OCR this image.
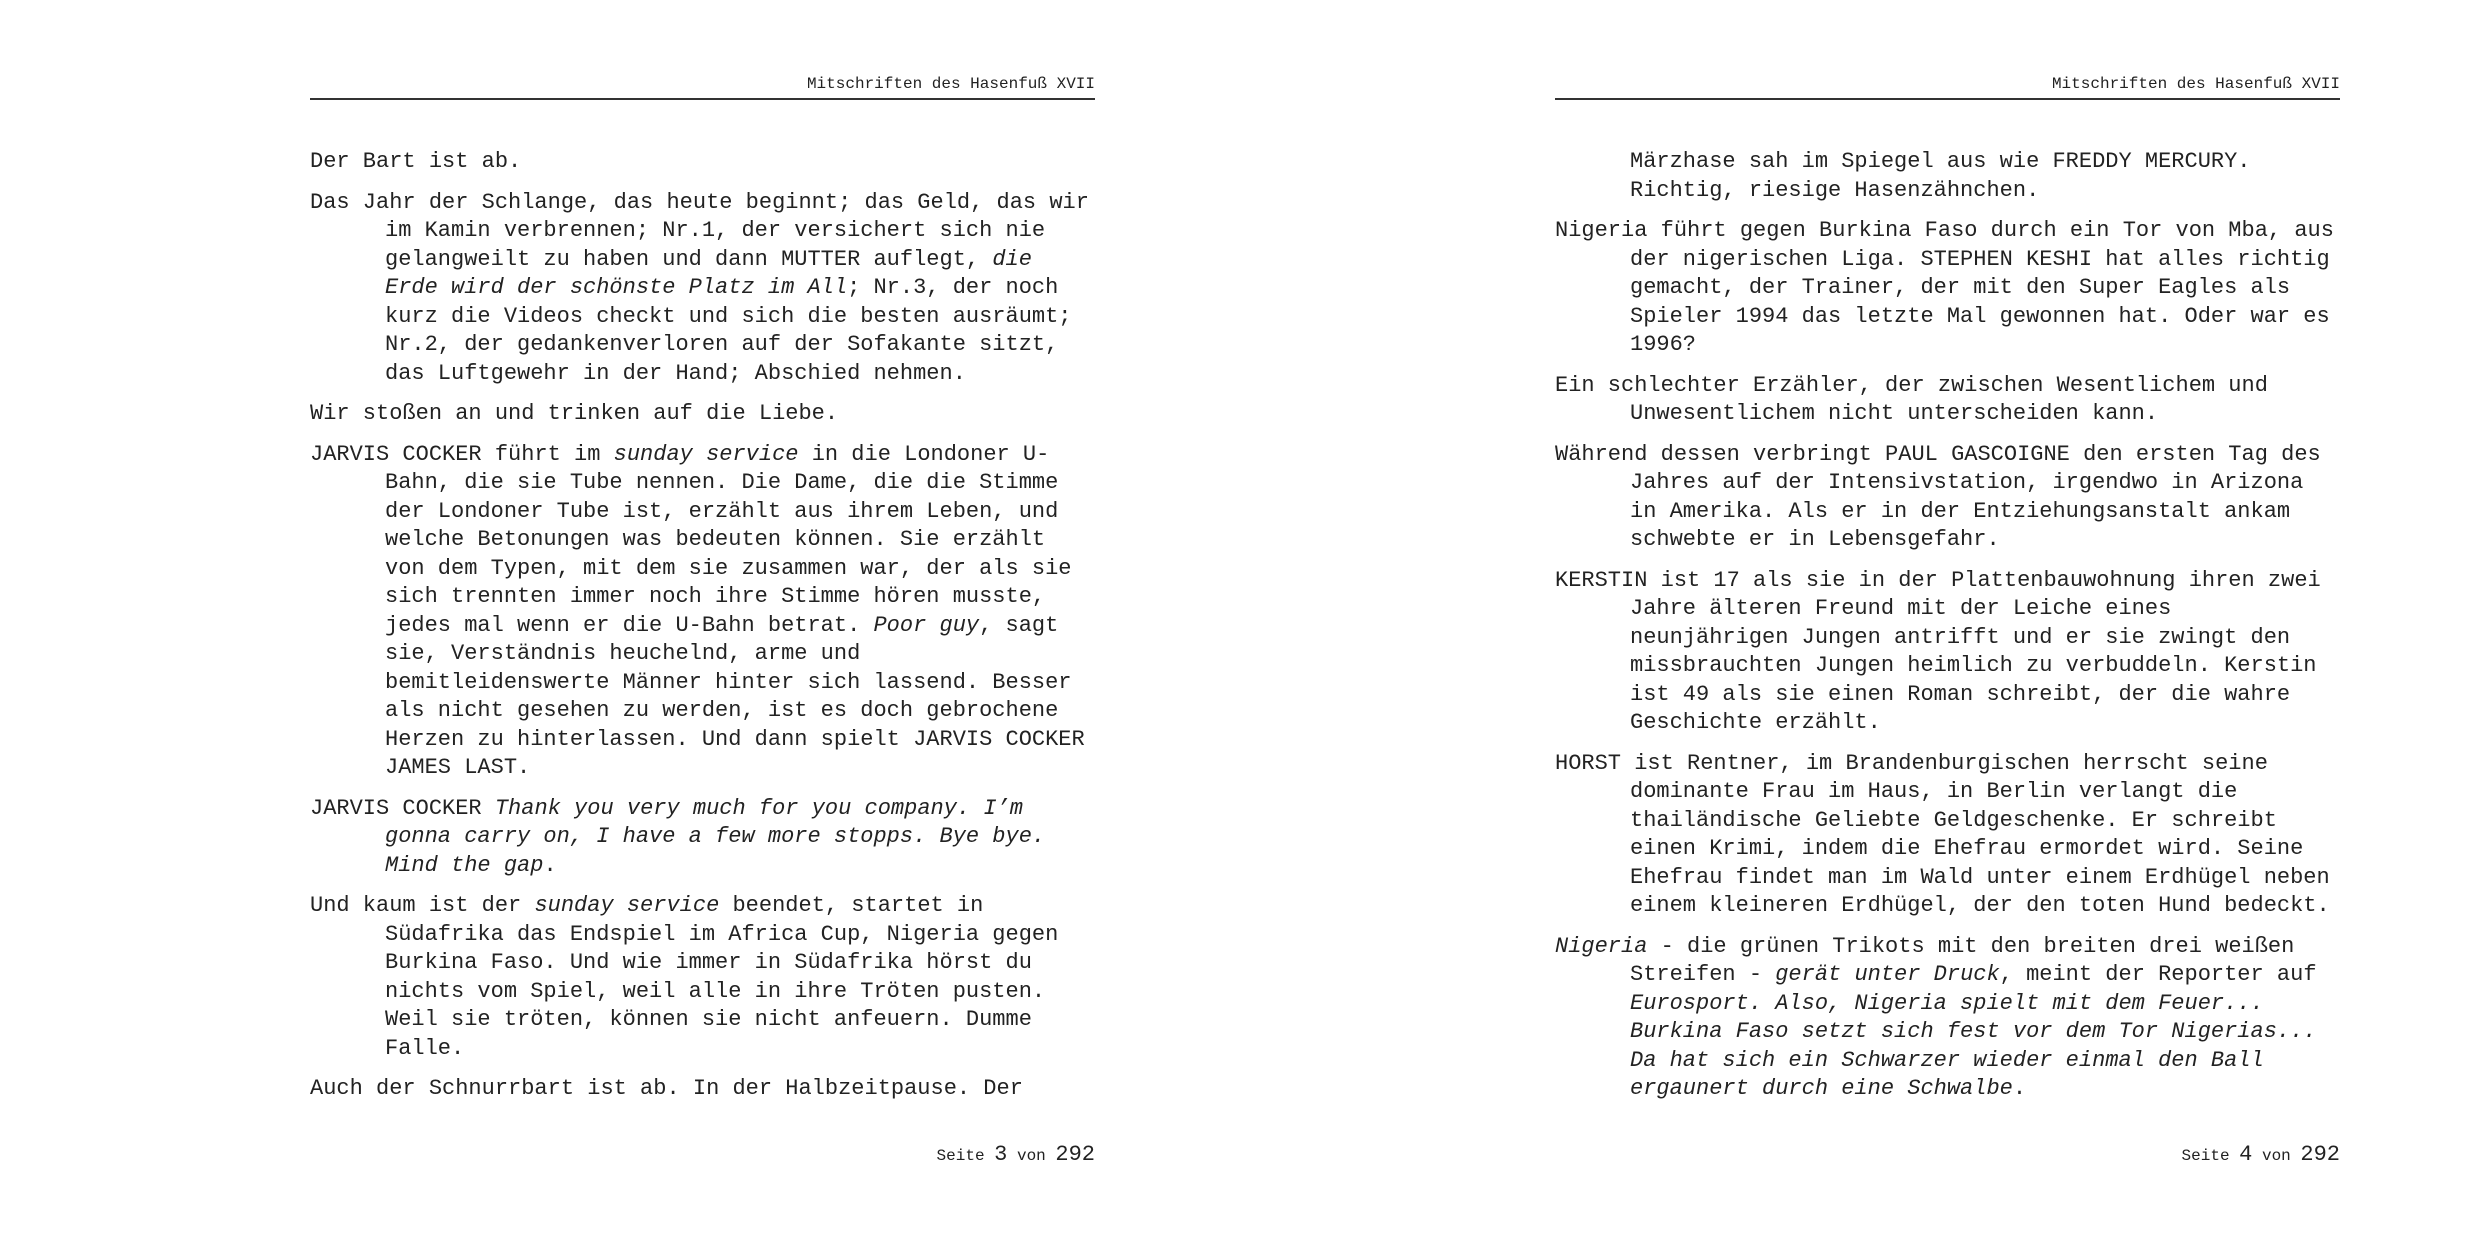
Mitschriften des Hasenfuß XVII

Der Bart ist ab.

Das Jahr der Schlange, das heute beginnt; das Geld, das wir im Kamin verbrennen; Nr.1, der versichert sich nie gelangweilt zu haben und dann MUTTER auflegt, die Erde wird der schönste Platz im All; Nr.3, der noch kurz die Videos checkt und sich die besten ausräumt; Nr.2, der gedankenverloren auf der Sofakante sitzt, das Luftgewehr in der Hand; Abschied nehmen.

Wir stoßen an und trinken auf die Liebe.

JARVIS COCKER führt im sunday service in die Londoner U-Bahn, die sie Tube nennen. Die Dame, die die Stimme der Londoner Tube ist, erzählt aus ihrem Leben, und welche Betonungen was bedeuten können. Sie erzählt von dem Typen, mit dem sie zusammen war, der als sie sich trennten immer noch ihre Stimme hören musste, jedes mal wenn er die U-Bahn betrat. Poor guy, sagt sie, Verständnis heuchelnd, arme und bemitleidenswerte Männer hinter sich lassend. Besser als nicht gesehen zu werden, ist es doch gebrochene Herzen zu hinterlassen. Und dann spielt JARVIS COCKER JAMES LAST.

JARVIS COCKER Thank you very much for you company. I’m gonna carry on, I have a few more stopps. Bye bye. Mind the gap.

Und kaum ist der sunday service beendet, startet in Südafrika das Endspiel im Africa Cup, Nigeria gegen Burkina Faso. Und wie immer in Südafrika hörst du nichts vom Spiel, weil alle in ihre Tröten pusten. Weil sie tröten, können sie nicht anfeuern. Dumme Falle.

Auch der Schnurrbart ist ab. In der Halbzeitpause. Der

Seite 3 von 292
Mitschriften des Hasenfuß XVII

Märzhase sah im Spiegel aus wie FREDDY MERCURY. Richtig, riesige Hasenzähnchen.

Nigeria führt gegen Burkina Faso durch ein Tor von Mba, aus der nigerischen Liga. STEPHEN KESHI hat alles richtig gemacht, der Trainer, der mit den Super Eagles als Spieler 1994 das letzte Mal gewonnen hat. Oder war es 1996?

Ein schlechter Erzähler, der zwischen Wesentlichem und Unwesentlichem nicht unterscheiden kann.

Während dessen verbringt PAUL GASCOIGNE den ersten Tag des Jahres auf der Intensivstation, irgendwo in Arizona in Amerika. Als er in der Entziehungsanstalt ankam schwebte er in Lebensgefahr.

KERSTIN ist 17 als sie in der Plattenbauwohnung ihren zwei Jahre älteren Freund mit der Leiche eines neunjährigen Jungen antrifft und er sie zwingt den missbrauchten Jungen heimlich zu verbuddeln. Kerstin ist 49 als sie einen Roman schreibt, der die wahre Geschichte erzählt.

HORST ist Rentner, im Brandenburgischen herrscht seine dominante Frau im Haus, in Berlin verlangt die thailändische Geliebte Geldgeschenke. Er schreibt einen Krimi, indem die Ehefrau ermordet wird. Seine Ehefrau findet man im Wald unter einem Erdhügel neben einem kleineren Erdhügel, der den toten Hund bedeckt.

Nigeria - die grünen Trikots mit den breiten drei weißen Streifen - gerät unter Druck, meint der Reporter auf Eurosport. Also, Nigeria spielt mit dem Feuer... Burkina Faso setzt sich fest vor dem Tor Nigerias... Da hat sich ein Schwarzer wieder einmal den Ball ergaunert durch eine Schwalbe.

Seite 4 von 292
